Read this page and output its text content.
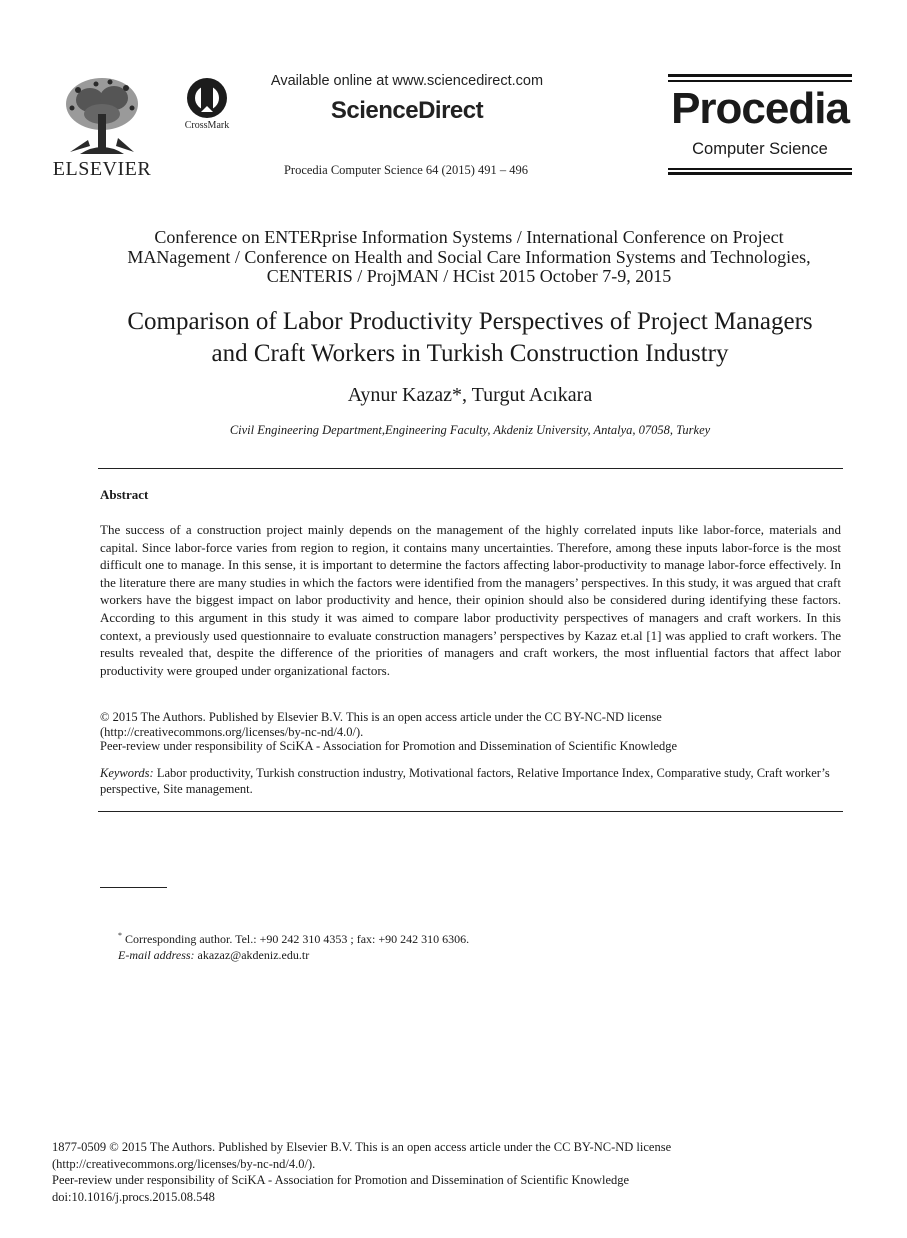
ELSEVIER
CrossMark
Available online at www.sciencedirect.com
ScienceDirect
Procedia Computer Science 64 (2015) 491 – 496
Procedia
Computer Science
Conference on ENTERprise Information Systems / International Conference on Project
MANagement / Conference on Health and Social Care Information Systems and Technologies,
CENTERIS / ProjMAN / HCist 2015 October 7-9, 2015
Comparison of Labor Productivity Perspectives of Project Managers
and Craft Workers in Turkish Construction Industry
Aynur Kazaz*, Turgut Acıkara
Civil Engineering Department,Engineering Faculty, Akdeniz University, Antalya, 07058, Turkey
Abstract
The success of a construction project mainly depends on the management of the highly correlated inputs like labor-force, materials and capital. Since labor-force varies from region to region, it contains many uncertainties. Therefore, among these inputs labor-force is the most difficult one to manage. In this sense, it is important to determine the factors affecting labor-productivity to manage labor-force effectively. In the literature there are many studies in which the factors were identified from the managers’ perspectives. In this study, it was argued that craft workers have the biggest impact on labor productivity and hence, their opinion should also be considered during identifying these factors. According to this argument in this study it was aimed to compare labor productivity perspectives of managers and craft workers. In this context, a previously used questionnaire to evaluate construction managers’ perspectives by Kazaz et.al [1] was applied to craft workers. The results revealed that, despite the difference of the priorities of managers and craft workers, the most influential factors that affect labor productivity were grouped under organizational factors.
© 2015 The Authors. Published by Elsevier B.V. This is an open access article under the CC BY-NC-ND license
(http://creativecommons.org/licenses/by-nc-nd/4.0/).
Peer-review under responsibility of SciKA - Association for Promotion and Dissemination of Scientific Knowledge
Keywords: Labor productivity, Turkish construction industry, Motivational factors, Relative Importance Index, Comparative study, Craft worker’s perspective, Site management.
* Corresponding author. Tel.: +90 242 310 4353 ; fax: +90 242 310 6306.
E-mail address: akazaz@akdeniz.edu.tr
1877-0509 © 2015 The Authors. Published by Elsevier B.V. This is an open access article under the CC BY-NC-ND license
(http://creativecommons.org/licenses/by-nc-nd/4.0/).
Peer-review under responsibility of SciKA - Association for Promotion and Dissemination of Scientific Knowledge
doi:10.1016/j.procs.2015.08.548
